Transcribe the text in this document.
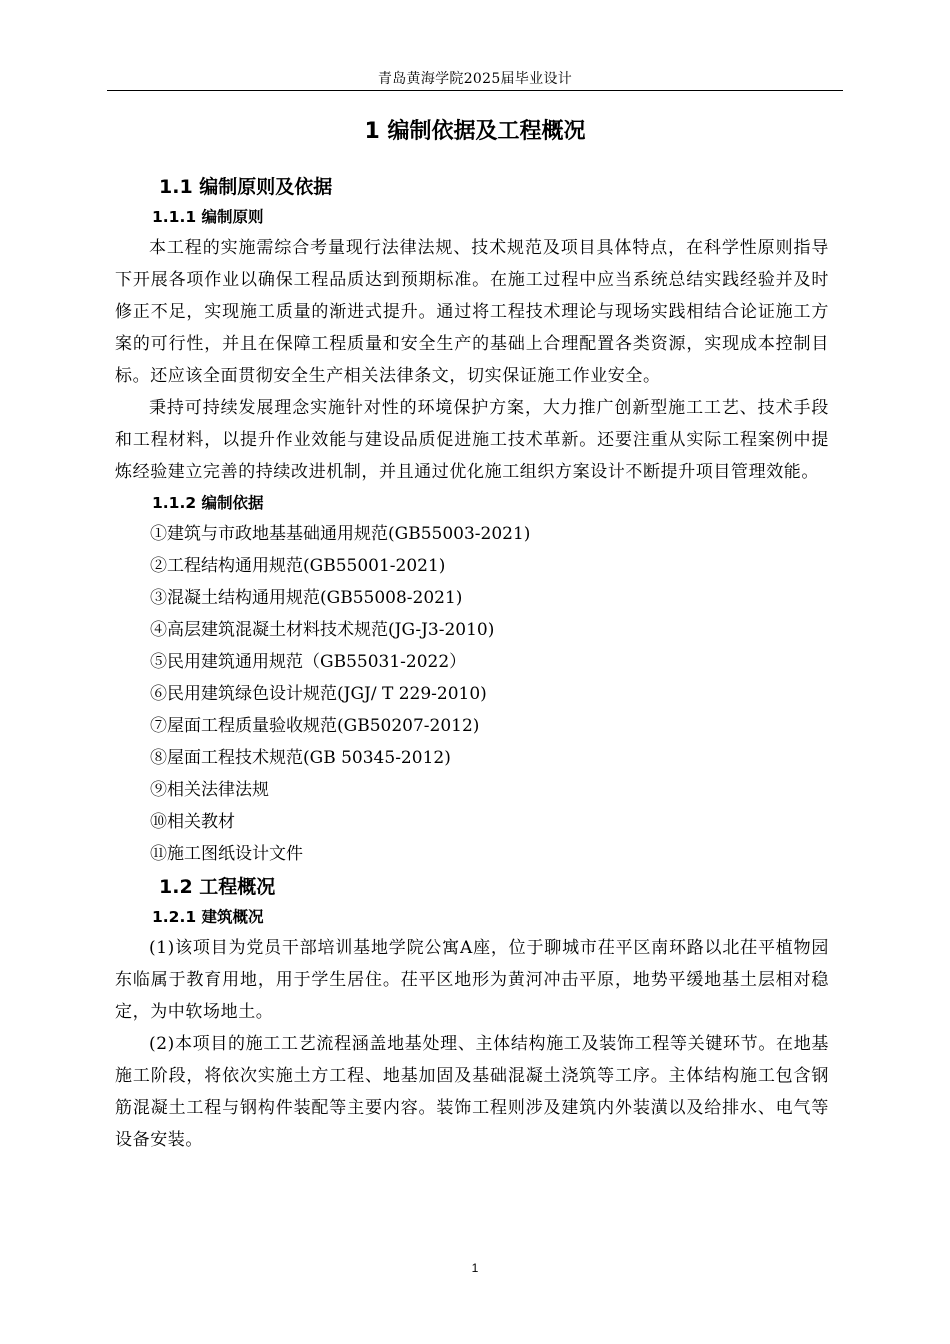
青岛黄海学院2025届毕业设计
1 编制依据及工程概况
1.1 编制原则及依据
1.1.1 编制原则

本工程的实施需综合考量现行法律法规、技术规范及项目具体特点，在科学性原则指导下开展各项作业以确保工程品质达到预期标准。在施工过程中应当系统总结实践经验并及时修正不足，实现施工质量的渐进式提升。通过将工程技术理论与现场实践相结合论证施工方案的可行性，并且在保障工程质量和安全生产的基础上合理配置各类资源，实现成本控制目标。还应该全面贯彻安全生产相关法律条文，切实保证施工作业安全。

秉持可持续发展理念实施针对性的环境保护方案，大力推广创新型施工工艺、技术手段和工程材料，以提升作业效能与建设品质促进施工技术革新。还要注重从实际工程案例中提炼经验建立完善的持续改进机制，并且通过优化施工组织方案设计不断提升项目管理效能。

1.1.2 编制依据

①建筑与市政地基基础通用规范(GB55003-2021)

②工程结构通用规范(GB55001-2021)

③混凝土结构通用规范(GB55008-2021)

④高层建筑混凝土材料技术规范(JG-J3-2010)

⑤民用建筑通用规范（GB55031-2022）

⑥民用建筑绿色设计规范(JGJ/ T 229-2010)

⑦屋面工程质量验收规范(GB50207-2012)

⑧屋面工程技术规范(GB 50345-2012)

⑨相关法律法规

⑩相关教材

⑪施工图纸设计文件

1.2 工程概况
1.2.1 建筑概况

(1)该项目为党员干部培训基地学院公寓A座，位于聊城市茌平区南环路以北茌平植物园东临属于教育用地，用于学生居住。茌平区地形为黄河冲击平原，地势平缓地基土层相对稳定，为中软场地土。

(2)本项目的施工工艺流程涵盖地基处理、主体结构施工及装饰工程等关键环节。在地基施工阶段，将依次实施土方工程、地基加固及基础混凝土浇筑等工序。主体结构施工包含钢筋混凝土工程与钢构件装配等主要内容。装饰工程则涉及建筑内外装潢以及给排水、电气等设备安装。

1
